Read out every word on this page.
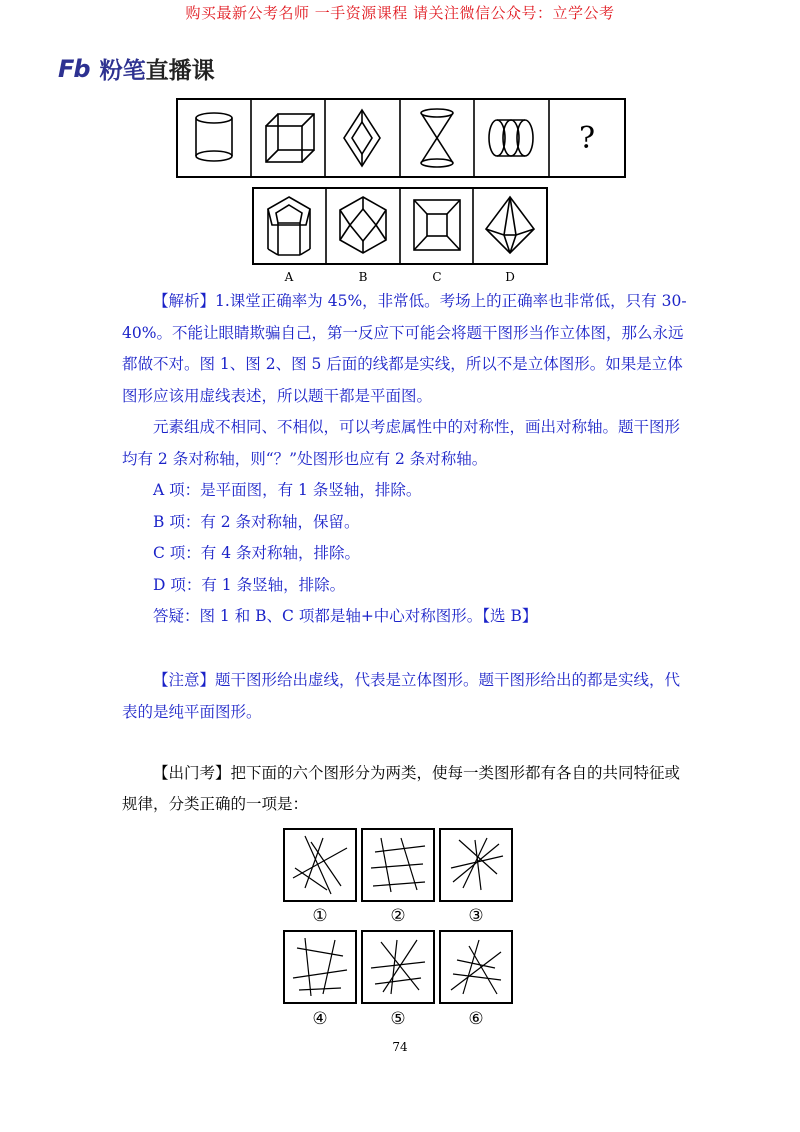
购买最新公考名师 一手资源课程 请关注微信公众号：立学公考
Fb 粉笔直播课
?
A	B	C	D

【解析】1.课堂正确率为 45%，非常低。考场上的正确率也非常低，只有 30-40%。不能让眼睛欺骗自己，第一反应下可能会将题干图形当作立体图，那么永远都做不对。图 1、图 2、图 5 后面的线都是实线，所以不是立体图形。如果是立体图形应该用虚线表述，所以题干都是平面图。

元素组成不相同、不相似，可以考虑属性中的对称性，画出对称轴。题干图形均有 2 条对称轴，则“？”处图形也应有 2 条对称轴。

A 项：是平面图，有 1 条竖轴，排除。

B 项：有 2 条对称轴，保留。

C 项：有 4 条对称轴，排除。

D 项：有 1 条竖轴，排除。

答疑：图 1 和 B、C 项都是轴+中心对称图形。【选 B】

【注意】题干图形给出虚线，代表是立体图形。题干图形给出的都是实线，代表的是纯平面图形。

【出门考】把下面的六个图形分为两类，使每一类图形都有各自的共同特征或规律，分类正确的一项是：

①	②	③
④	⑤	⑥
74
